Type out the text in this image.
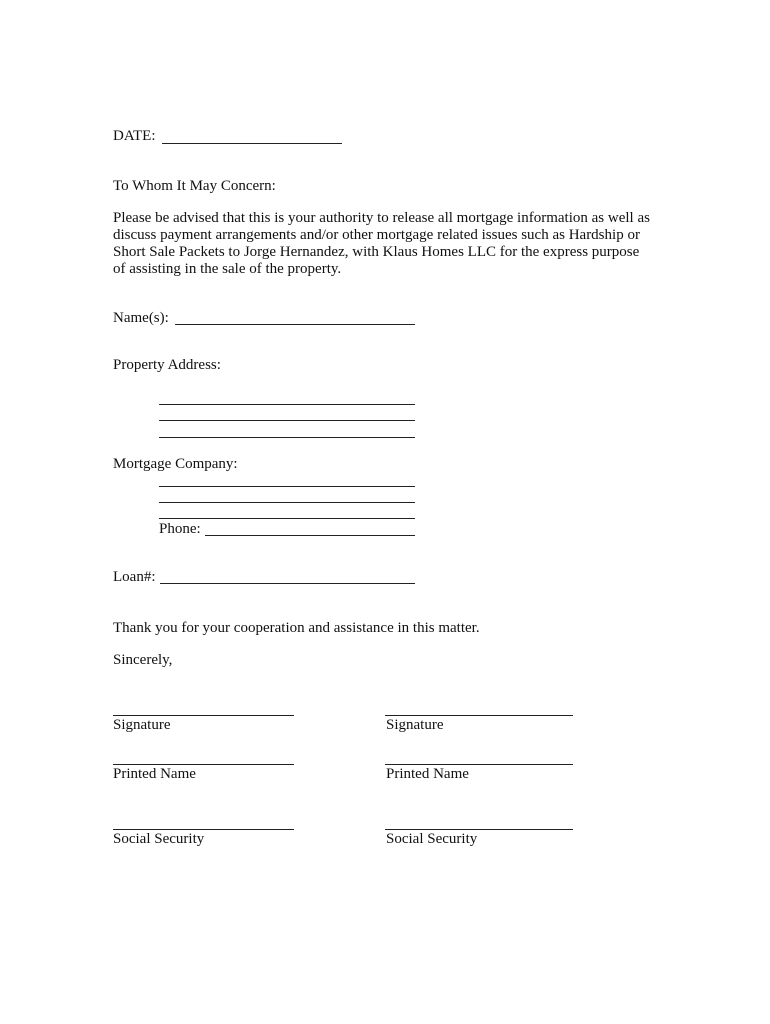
DATE:
To Whom It May Concern:
Please be advised that this is your authority to release all mortgage information as well as
discuss payment arrangements and/or other mortgage related issues such as Hardship or
Short Sale Packets to Jorge Hernandez, with Klaus Homes LLC for the express purpose
of assisting in the sale of the property.
Name(s):
Property Address:
Mortgage Company:
Phone:
Loan#:
Thank you for your cooperation and assistance in this matter.
Sincerely,
Signature
Printed Name
Social Security
Signature
Printed Name
Social Security
